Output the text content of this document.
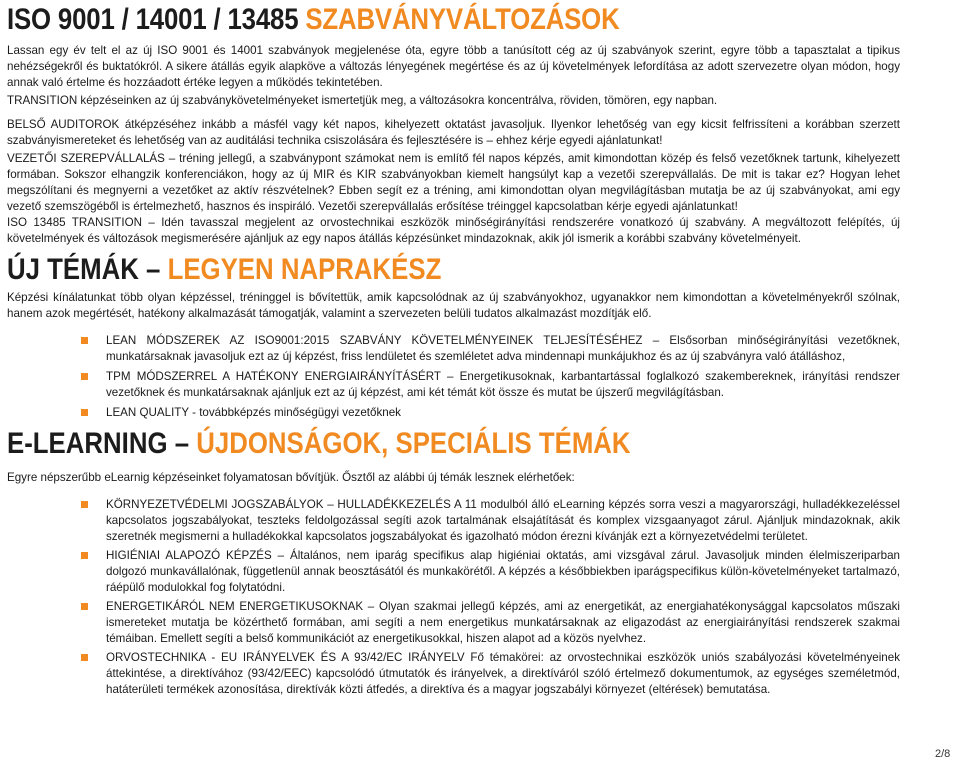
ISO 9001 / 14001 / 13485 SZABVÁNYVÁLTOZÁSOK

Lassan egy év telt el az új ISO 9001 és 14001 szabványok megjelenése óta, egyre több a tanúsított cég az új szabványok szerint, egyre több a tapasztalat a tipikus nehézségekről és buktatókról. A sikere átállás egyik alapköve a változás lényegének megértése és az új követelmények lefordítása az adott szervezetre olyan módon, hogy annak való értelme és hozzáadott értéke legyen a működés tekintetében.

TRANSITION képzéseinken az új szabványkövetelményeket ismertetjük meg, a változásokra koncentrálva, röviden, tömören, egy napban.

BELSŐ AUDITOROK átképzéséhez inkább a másfél vagy két napos, kihelyezett oktatást javasoljuk. Ilyenkor lehetőség van egy kicsit felfrissíteni a korábban szerzett szabványismereteket és lehetőség van az auditálási technika csiszolására és fejlesztésére is – ehhez kérje egyedi ajánlatunkat!

VEZETŐI SZEREPVÁLLALÁS – tréning jellegű, a szabványpont számokat nem is említő fél napos képzés, amit kimondottan közép és felső vezetőknek tartunk, kihelyezett formában. Sokszor elhangzik konferenciákon, hogy az új MIR és KIR szabványokban kiemelt hangsúlyt kap a vezetői szerepvállalás. De mit is takar ez? Hogyan lehet megszólítani és megnyerni a vezetőket az aktív részvételnek? Ebben segít ez a tréning, ami kimondottan olyan megvilágításban mutatja be az új szabványokat, ami egy vezető szemszögéből is értelmezhető, hasznos és inspiráló. Vezetői szerepvállalás erősítése tréinggel kapcsolatban kérje egyedi ajánlatunkat!

ISO 13485 TRANSITION – Idén tavasszal megjelent az orvostechnikai eszközök minőségirányítási rendszerére vonatkozó új szabvány. A megváltozott felépítés, új követelmények és változások megismerésére ajánljuk az egy napos átállás képzésünket mindazoknak, akik jól ismerik a korábbi szabvány követelményeit.

ÚJ TÉMÁK – LEGYEN NAPRAKÉSZ

Képzési kínálatunkat több olyan képzéssel, tréninggel is bővítettük, amik kapcsolódnak az új szabványokhoz, ugyanakkor nem kimondottan a követelményekről szólnak, hanem azok megértését, hatékony alkalmazását támogatják, valamint a szervezeten belüli tudatos alkalmazást mozdítják elő.

LEAN MÓDSZEREK AZ ISO9001:2015 SZABVÁNY KÖVETELMÉNYEINEK TELJESÍTÉSÉHEZ – Elsősorban minőségirányítási vezetőknek, munkatársaknak javasoljuk ezt az új képzést, friss lendületet és szemléletet adva mindennapi munkájukhoz és az új szabványra való átálláshoz,
TPM MÓDSZERREL A HATÉKONY ENERGIAIRÁNYÍTÁSÉRT – Energetikusoknak, karbantartással foglalkozó szakembereknek, irányítási rendszer vezetőknek és munkatársaknak ajánljuk ezt az új képzést, ami két témát köt össze és mutat be újszerű megvilágításban.
LEAN QUALITY - továbbképzés minőségügyi vezetőknek
E-LEARNING – ÚJDONSÁGOK, SPECIÁLIS TÉMÁK

Egyre népszerűbb eLearnig képzéseinket folyamatosan bővítjük. Ősztől az alábbi új témák lesznek elérhetőek:

KÖRNYEZETVÉDELMI JOGSZABÁLYOK – HULLADÉKKEZELÉS A 11 modulból álló eLearning képzés sorra veszi a magyarországi, hulladékkezeléssel kapcsolatos jogszabályokat, teszteks feldolgozással segíti azok tartalmának elsajátítását és komplex vizsgaanyagot zárul. Ajánljuk mindazoknak, akik szeretnék megismerni a hulladékokkal kapcsolatos jogszabályokat és igazolható módon érezni kívánják ezt a környezetvédelmi területet.
HIGIÉNIAI ALAPOZÓ KÉPZÉS – Általános, nem iparág specifikus alap higiéniai oktatás, ami vizsgával zárul. Javasoljuk minden élelmiszeriparban dolgozó munkavállalónak, függetlenül annak beosztásától és munkakörétől. A képzés a későbbiekben iparágspecifikus külön-követelményeket tartalmazó, ráépülő modulokkal fog folytatódni.
ENERGETIKÁRÓL NEM ENERGETIKUSOKNAK – Olyan szakmai jellegű képzés, ami az energetikát, az energiahatékonysággal kapcsolatos műszaki ismereteket mutatja be közérthető formában, ami segíti a nem energetikus munkatársaknak az eligazodást az energiairányítási rendszerek szakmai témáiban. Emellett segíti a belső kommunikációt az energetikusokkal, hiszen alapot ad a közös nyelvhez.
ORVOSTECHNIKA - EU IRÁNYELVEK ÉS A 93/42/EC IRÁNYELV Fő témakörei: az orvostechnikai eszközök uniós szabályozási követelményeinek áttekintése, a direktívához (93/42/EEC) kapcsolódó útmutatók és irányelvek, a direktíváról szóló értelmező dokumentumok, az egységes személetmód, hatáterületi termékek azonosítása, direktívák közti átfedés, a direktíva és a magyar jogszabályi környezet (eltérések) bemutatása.
2/8
